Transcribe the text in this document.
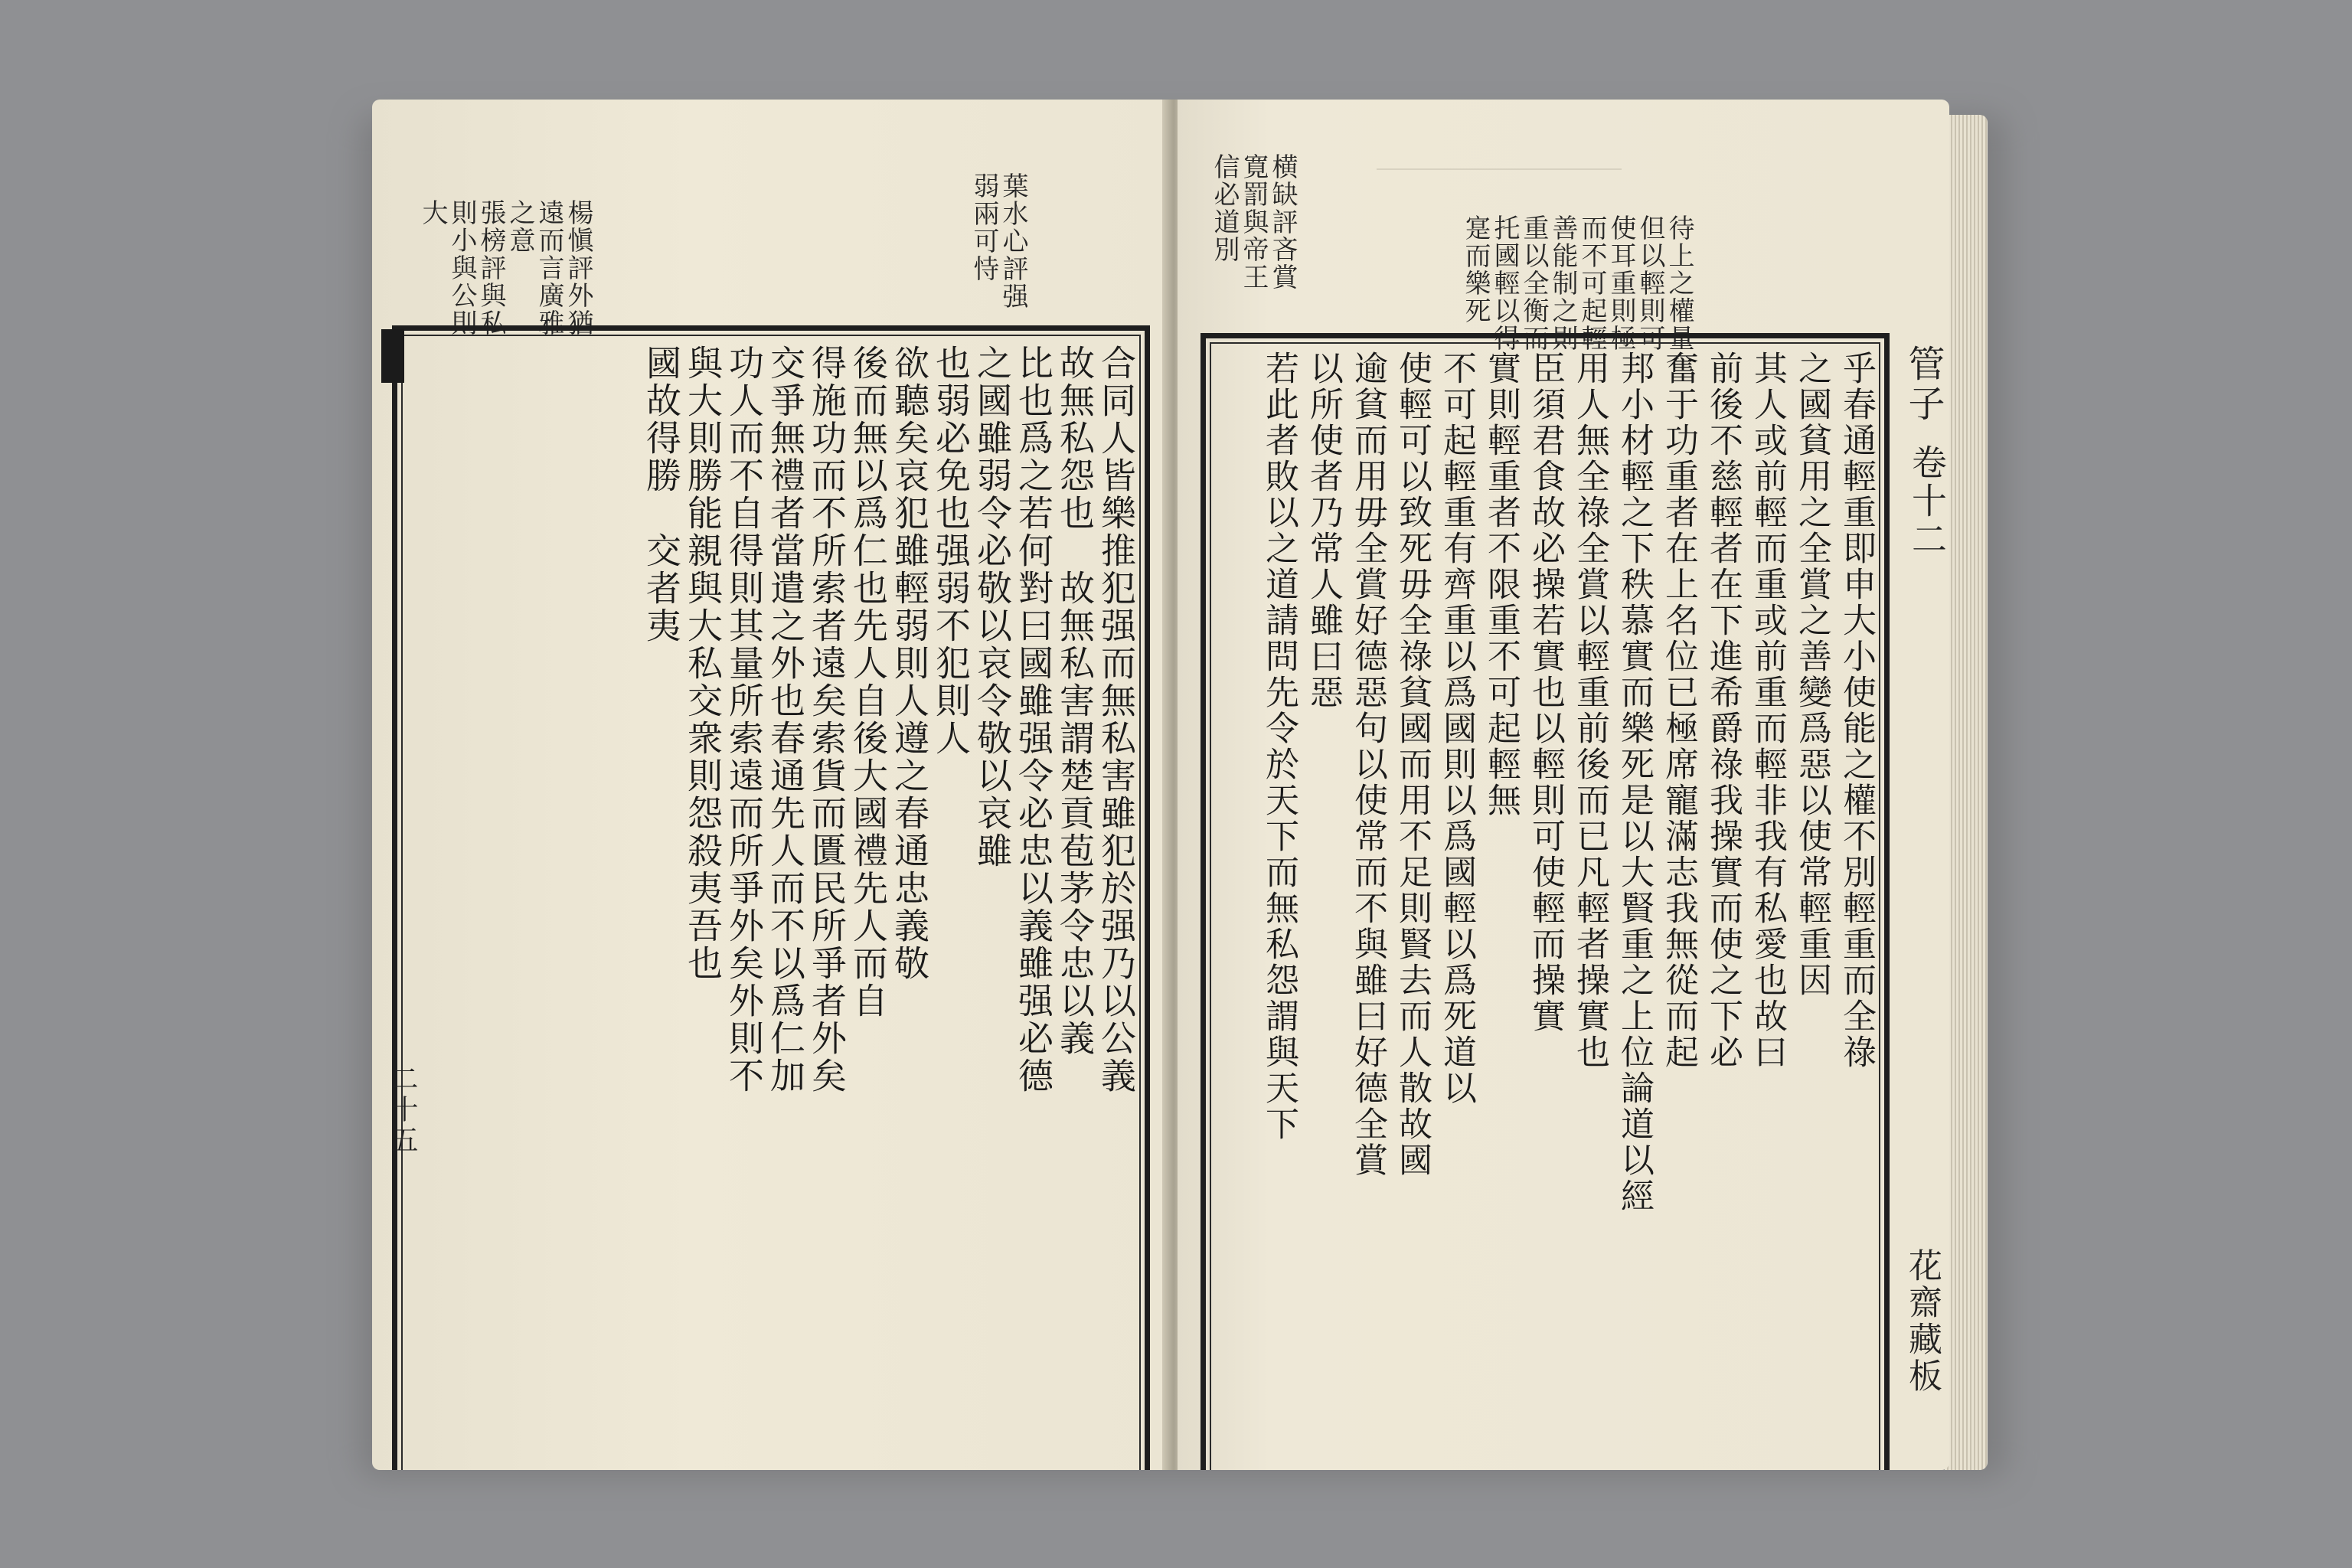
楊愼評外猶
遠而言廣雅
之意
張榜評與私
則小與公則
大	葉水心評强
弱兩可恃
合同人皆樂推犯强而無私害雖犯於强乃以公義
故無私怨也　故無私害謂楚貢苞茅令忠以義
比也爲之若何對曰國雖强令必忠以義雖强必德
之國雖弱令必敬以哀令敬以哀雖
也弱必免也强弱不犯則人
欲聽矣哀犯雖輕弱則人遵之春通忠義敬
後而無以爲仁也先人自後大國禮先人而自
得施功而不所索者遠矣索貨而匱民所爭者外矣
交爭無禮者當遣之外也春通先人而不以爲仁加
功人而不自得則其量所索遠而所爭外矣外則不
與大則勝能親與大私交衆則怨殺夷吾也
國故得勝　交者夷
待上之權量
但以輕則可
使耳重則極
而不可起輕
善能制之則
重以全衡而
托國輕以得
寔而樂死
横缺評吝賞
寛罰與帝王
信必道別
乎春通輕重即申大小使能之權不別輕重而全祿
之國貧用之全賞之善變爲惡以使常輕重因
其人或前輕而重或前重而輕非我有私愛也故曰
前後不慈輕者在下進希爵祿我操實而使之下必
奮于功重者在上名位已極席寵滿志我無從而起
邦小材輕之下秩慕實而樂死是以大賢重之上位論道以經
用人無全祿全賞以輕重前後而已凡輕者操實也
臣須君食故必操若實也以輕則可使輕而操實
實則輕重者不限重不可起輕無
不可起輕重有齊重以爲國則以爲國輕以爲死道以
使輕可以致死毋全祿貧國而用不足則賢去而人散故國
逾貧而用毋全賞好德惡句以使常而不與雖曰好德全賞
以所使者乃常人雖曰惡
若此者敗以之道請問先令於天下而無私怨謂與天下	管子
卷十二
花齋藏板
二十五
